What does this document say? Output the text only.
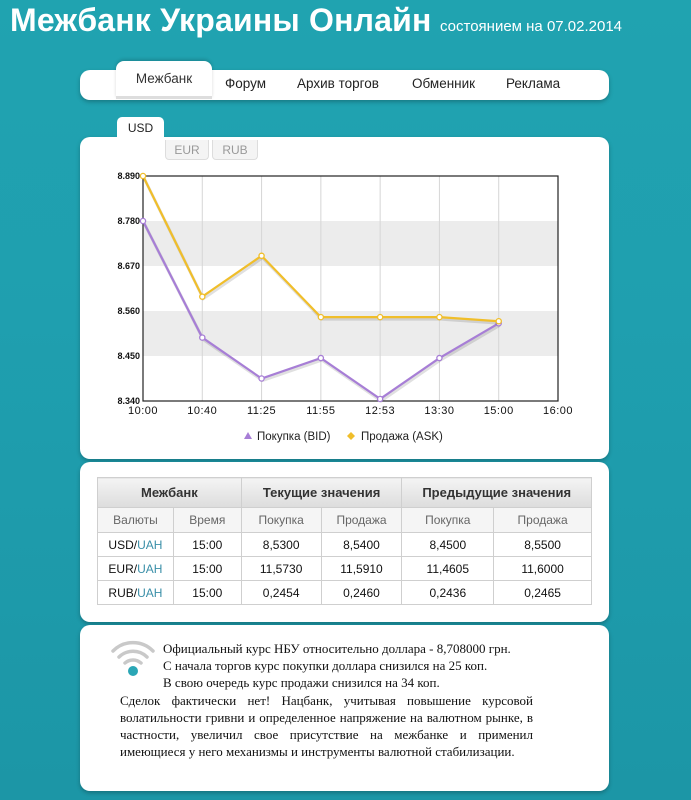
Межбанк Украины Онлайн состоянием на 07.02.2014
Межбанк	Форум Архив торгов Обменник Реклама
USD
EUR	RUB
8.340
8.450
8.560
8.670
8.780
8.890
10:00	10:40	11:25	11:55	12:53	13:30	15:00	16:00
Покупка (BID)	Продажа (ASK)
Межбанк		Текущие значения		Предыдущие значения	
Валюты	Время	Покупка	Продажа	Покупка	Продажа
USD/UAH	15:00	8,5300	8,5400	8,4500	8,5500
EUR/UAH	15:00	11,5730	11,5910	11,4605	11,6000
RUB/UAH	15:00	0,2454	0,2460	0,2436	0,2465
Официальный курс НБУ относительно доллара - 8,708000 грн.
С начала торгов курс покупки доллара снизился на 25 коп.
В свою очередь курс продажи снизился на 34 коп.
Сделок фактически нет! Нацбанк, учитывая повышение курсовой волатильности гривни и определенное напряжение на валютном рынке, в частности, увеличил свое присутствие на межбанке и применил имеющиеся у него механизмы и инструменты валютной стабилизации.
